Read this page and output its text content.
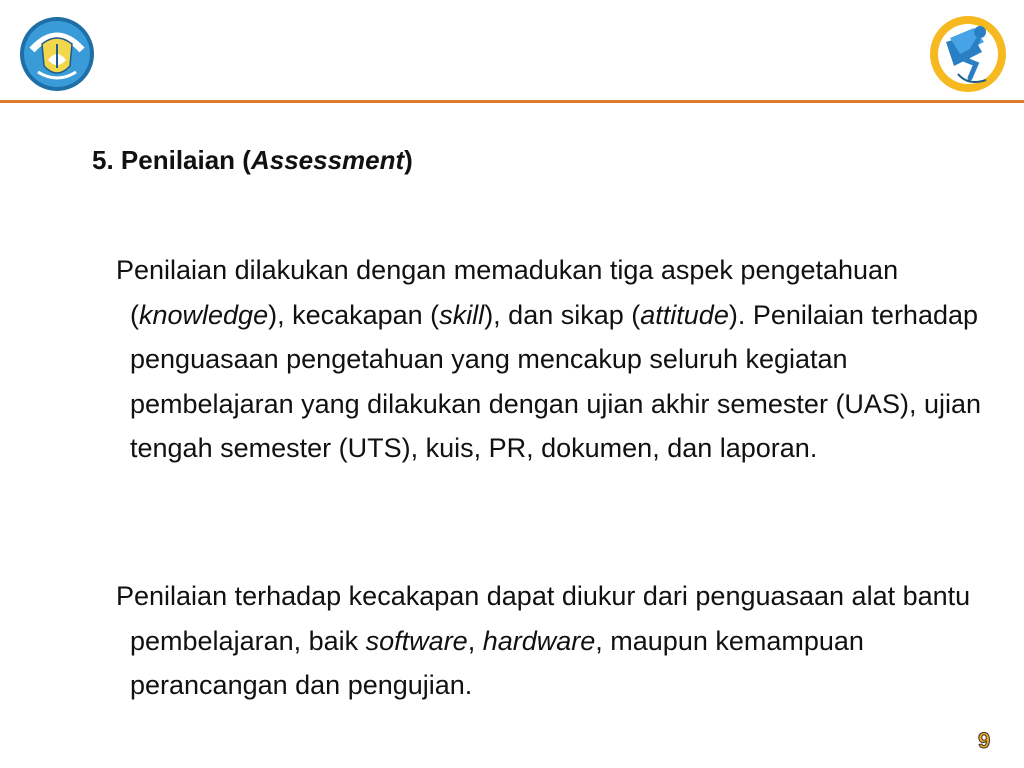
5. Penilaian (Assessment)

Penilaian dilakukan dengan memadukan tiga aspek pengetahuan (knowledge), kecakapan (skill), dan sikap (attitude). Penilaian terhadap penguasaan pengetahuan yang mencakup seluruh kegiatan pembelajaran yang dilakukan dengan ujian akhir semester (UAS), ujian tengah semester (UTS), kuis, PR, dokumen, dan laporan.

Penilaian terhadap kecakapan dapat diukur dari penguasaan alat bantu pembelajaran, baik software, hardware, maupun kemampuan perancangan dan pengujian.

9
